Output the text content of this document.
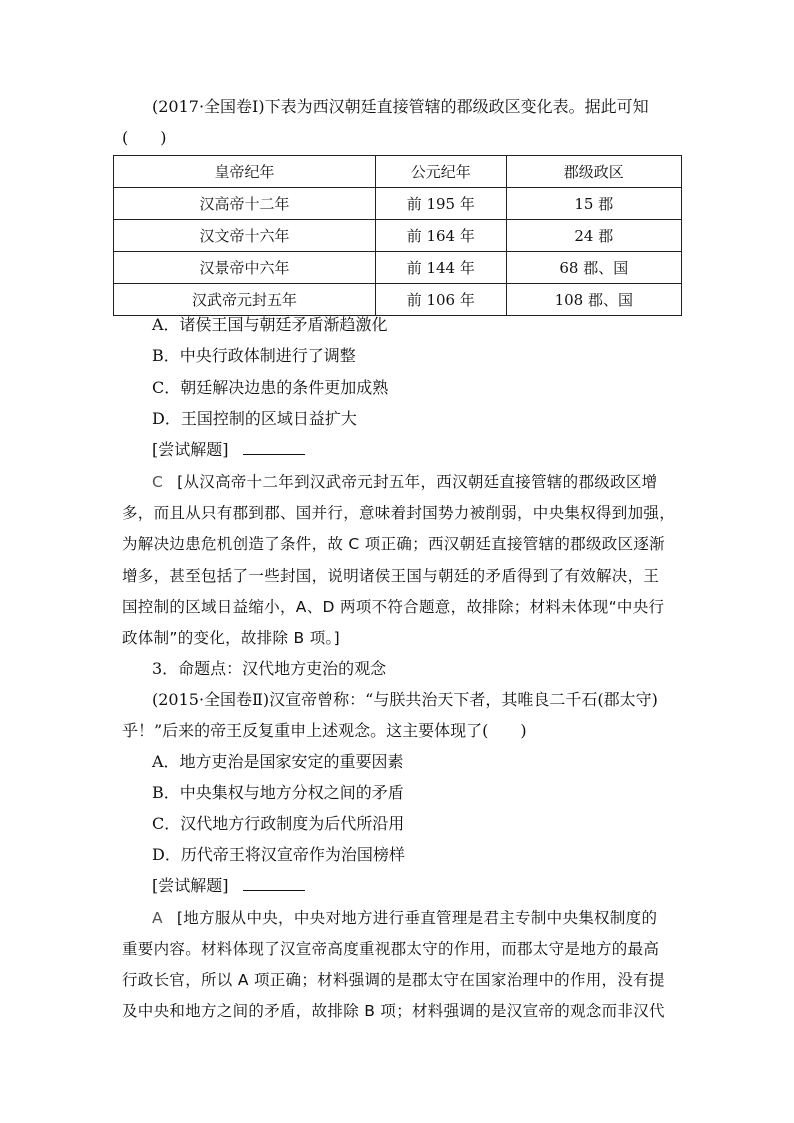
(2017·全国卷Ⅰ)下表为西汉朝廷直接管辖的郡级政区变化表。据此可知
(　　)
皇帝纪年	公元纪年	郡级政区
汉高帝十二年	前 195 年	15 郡
汉文帝十六年	前 164 年	24 郡
汉景帝中六年	前 144 年	68 郡、国
汉武帝元封五年	前 106 年	108 郡、国
A．诸侯王国与朝廷矛盾渐趋激化
B．中央行政体制进行了调整
C．朝廷解决边患的条件更加成熟
D．王国控制的区域日益扩大
[尝试解题]
C [从汉高帝十二年到汉武帝元封五年，西汉朝廷直接管辖的郡级政区增
多，而且从只有郡到郡、国并行，意味着封国势力被削弱，中央集权得到加强，
为解决边患危机创造了条件，故 C 项正确；西汉朝廷直接管辖的郡级政区逐渐
增多，甚至包括了一些封国，说明诸侯王国与朝廷的矛盾得到了有效解决，王
国控制的区域日益缩小，A、D 两项不符合题意，故排除；材料未体现“中央行
政体制”的变化，故排除 B 项。]
3．命题点：汉代地方吏治的观念
(2015·全国卷Ⅱ)汉宣帝曾称：“与朕共治天下者，其唯良二千石(郡太守)
乎！”后来的帝王反复重申上述观念。这主要体现了(　　)
A．地方吏治是国家安定的重要因素
B．中央集权与地方分权之间的矛盾
C．汉代地方行政制度为后代所沿用
D．历代帝王将汉宣帝作为治国榜样
[尝试解题]
A [地方服从中央，中央对地方进行垂直管理是君主专制中央集权制度的
重要内容。材料体现了汉宣帝高度重视郡太守的作用，而郡太守是地方的最高
行政长官，所以 A 项正确；材料强调的是郡太守在国家治理中的作用，没有提
及中央和地方之间的矛盾，故排除 B 项；材料强调的是汉宣帝的观念而非汉代
